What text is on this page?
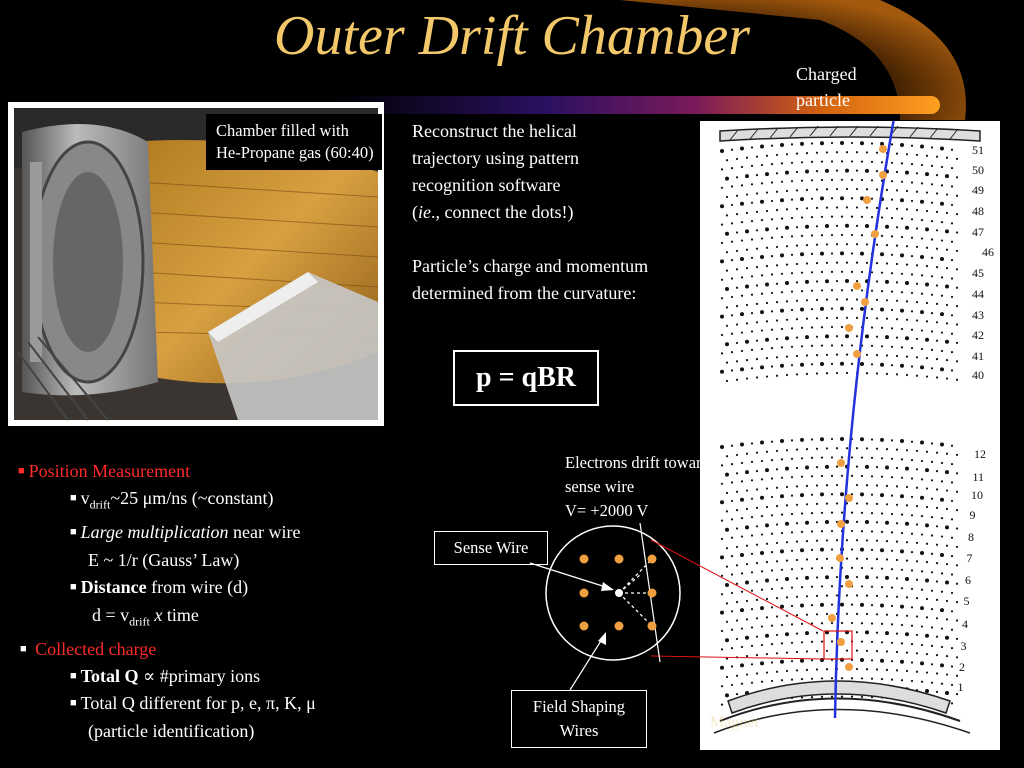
Outer Drift Chamber
Charged
particle
Chamber filled with He-Propane gas (60:40)

Reconstruct the helical
trajectory using pattern
recognition software
(ie., connect the dots!)

Particle’s charge and momentum determined from the curvature:

p = qBR
51
50
49
48
47
46
45
44
43
42
41
40
12
11
10
9
8
7
6
5
4
3
2
1
Magnet
■ Position Measurement
■ $v_{drift}\sim 25$ μm/ns (~constant)
■ Large multiplication near wire
E ~ 1/r (Gauss’ Law)
■ Distance from wire (d)
$d = v_{drift}$ x time
■ Collected charge
■ Total Q ∝ #primary ions
■ Total Q different for p, e, π, K, μ
(particle identification)
Electrons drift toward sense wire
V= +2000 V
Sense Wire
Field Shaping Wires
